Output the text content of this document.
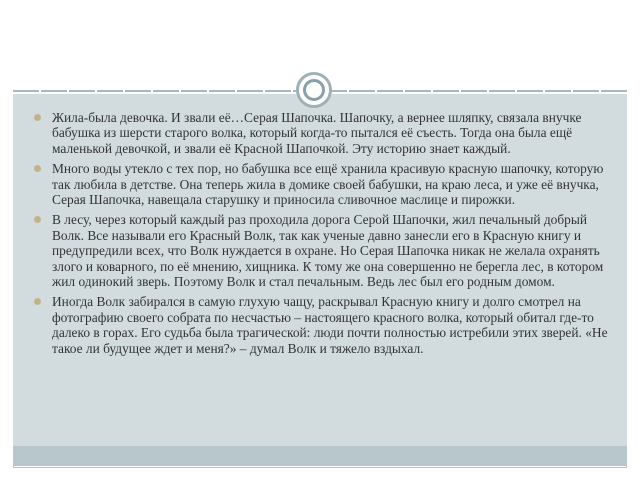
Жила-была девочка. И звали её…Серая Шапочка. Шапочку, а вернее шляпку, связала внучке бабушка из шерсти старого волка, который когда-то пытался её съесть. Тогда она была ещё маленькой девочкой, и звали её Красной Шапочкой. Эту историю знает каждый.
Много воды утекло с тех пор, но бабушка все ещё хранила красивую красную шапочку, которую так любила в детстве. Она теперь жила в домике своей бабушки, на краю леса, и уже её внучка, Серая Шапочка, навещала старушку и приносила сливочное маслице и пирожки.
В лесу, через который каждый раз проходила дорога Серой Шапочки, жил печальный добрый Волк. Все называли его Красный Волк, так как ученые давно занесли его в Красную книгу и предупредили всех, что Волк нуждается в охране. Но Серая Шапочка никак не желала охранять злого и коварного, по её мнению, хищника. К тому же она совершенно не берегла лес, в котором жил одинокий зверь. Поэтому Волк и стал печальным. Ведь лес был его родным домом.
Иногда Волк забирался в самую глухую чащу, раскрывал Красную книгу и долго смотрел на фотографию своего собрата по несчастью – настоящего красного волка, который обитал где-то далеко в горах. Его судьба была трагической: люди почти полностью истребили этих зверей. «Не такое ли будущее ждет и меня?» – думал Волк и тяжело вздыхал.
